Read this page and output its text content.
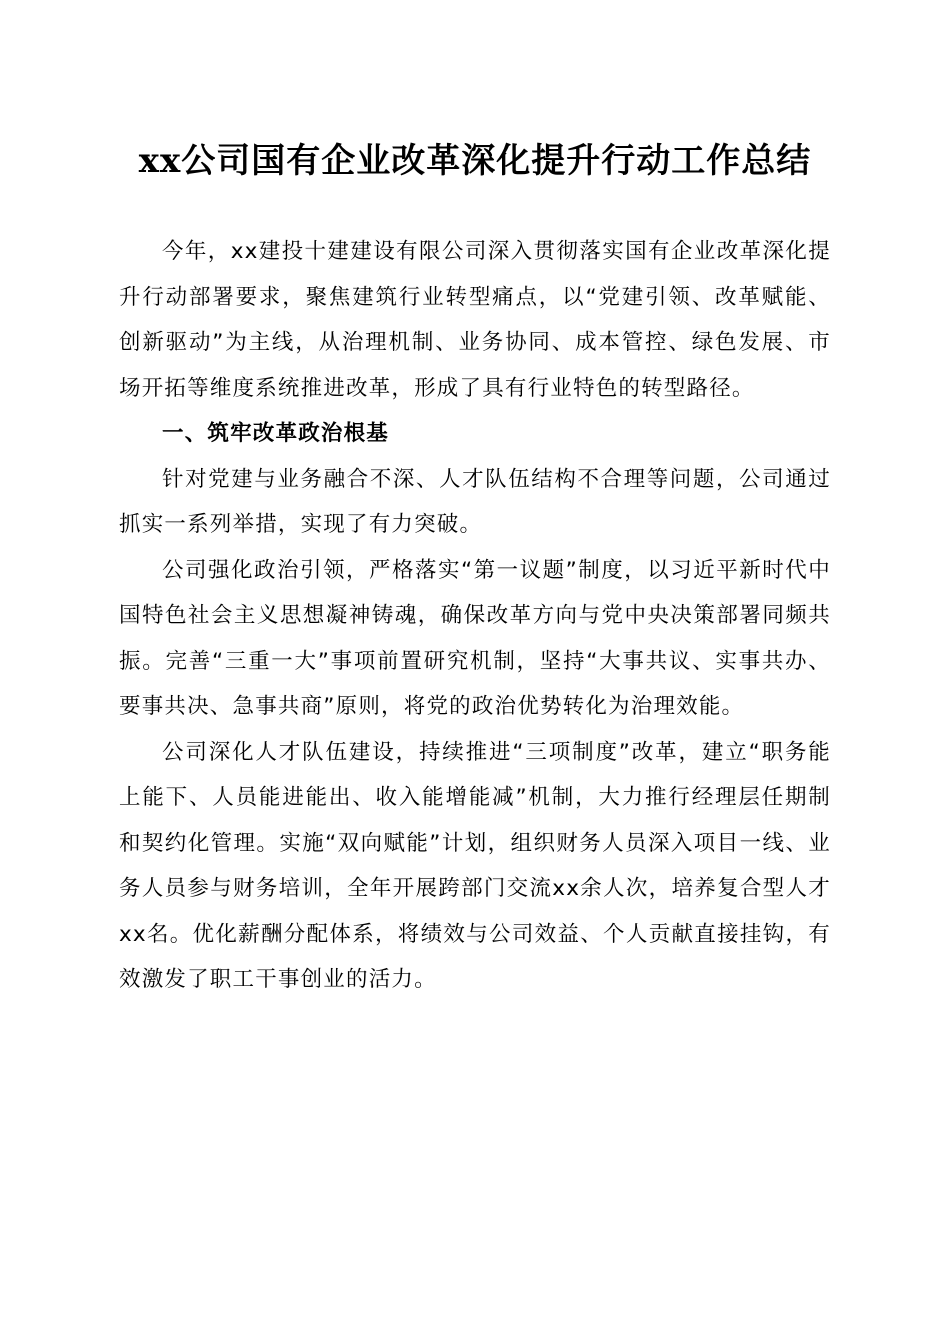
xx公司国有企业改革深化提升行动工作总结

今年，xx建投十建建设有限公司深入贯彻落实国有企业改革深化提升行动部署要求，聚焦建筑行业转型痛点，以“党建引领、改革赋能、创新驱动”为主线，从治理机制、业务协同、成本管控、绿色发展、市场开拓等维度系统推进改革，形成了具有行业特色的转型路径。

一、筑牢改革政治根基

针对党建与业务融合不深、人才队伍结构不合理等问题，公司通过抓实一系列举措，实现了有力突破。

公司强化政治引领，严格落实“第一议题”制度，以习近平新时代中国特色社会主义思想凝神铸魂，确保改革方向与党中央决策部署同频共振。完善“三重一大”事项前置研究机制，坚持“大事共议、实事共办、要事共决、急事共商”原则，将党的政治优势转化为治理效能。

公司深化人才队伍建设，持续推进“三项制度”改革，建立“职务能上能下、人员能进能出、收入能增能减”机制，大力推行经理层任期制和契约化管理。实施“双向赋能”计划，组织财务人员深入项目一线、业务人员参与财务培训，全年开展跨部门交流xx余人次，培养复合型人才xx名。优化薪酬分配体系，将绩效与公司效益、个人贡献直接挂钩，有效激发了职工干事创业的活力。
